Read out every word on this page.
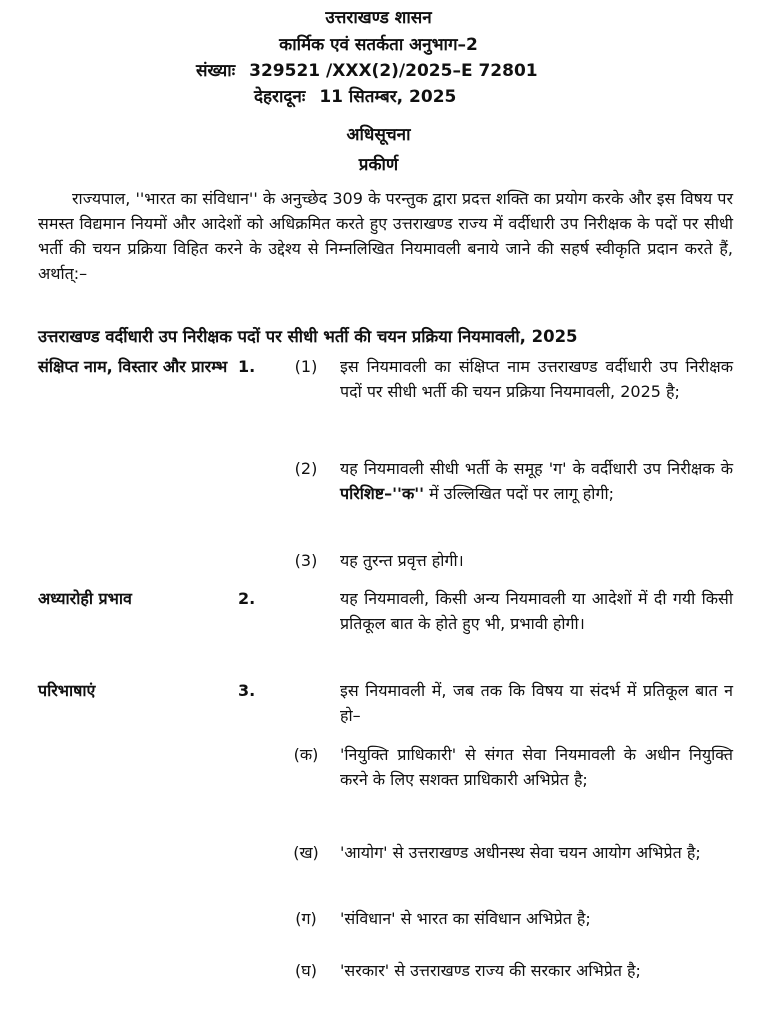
उत्तराखण्ड शासन
कार्मिक एवं सतर्कता अनुभाग–2
संख्याः 329521 /XXX(2)/2025–E 72801
देहरादूनः 11 सितम्बर, 2025
अधिसूचना
प्रकीर्ण

राज्यपाल, ''भारत का संविधान'' के अनुच्छेद 309 के परन्तुक द्वारा प्रदत्त शक्ति का प्रयोग करके और इस विषय पर समस्त विद्यमान नियमों और आदेशों को अधिक्रमित करते हुए उत्तराखण्ड राज्य में वर्दीधारी उप निरीक्षक के पदों पर सीधी भर्ती की चयन प्रक्रिया विहित करने के उद्देश्य से निम्नलिखित नियमावली बनाये जाने की सहर्ष स्वीकृति प्रदान करते हैं, अर्थात्:–

उत्तराखण्ड वर्दीधारी उप निरीक्षक पदों पर सीधी भर्ती की चयन प्रक्रिया नियमावली, 2025
संक्षिप्त नाम, विस्तार और प्रारम्भ 1.	(1)	इस नियमावली का संक्षिप्त नाम उत्तराखण्ड वर्दीधारी उप निरीक्षक पदों पर सीधी भर्ती की चयन प्रक्रिया नियमावली, 2025 है;

(2)	यह नियमावली सीधी भर्ती के समूह 'ग' के वर्दीधारी उप निरीक्षक के परिशिष्ट–''क'' में उल्लिखित पदों पर लागू होगी;

(3)	यह तुरन्त प्रवृत्त होगी।

अध्यारोही प्रभाव	2.	यह नियमावली, किसी अन्य नियमावली या आदेशों में दी गयी किसी प्रतिकूल बात के होते हुए भी, प्रभावी होगी।

परिभाषाएं	3.	इस नियमावली में, जब तक कि विषय या संदर्भ में प्रतिकूल बात न हो–

(क)	'नियुक्ति प्राधिकारी' से संगत सेवा नियमावली के अधीन नियुक्ति करने के लिए सशक्त प्राधिकारी अभिप्रेत है;

(ख)	'आयोग' से उत्तराखण्ड अधीनस्थ सेवा चयन आयोग अभिप्रेत है;

(ग)	'संविधान' से भारत का संविधान अभिप्रेत है;

(घ)	'सरकार' से उत्तराखण्ड राज्य की सरकार अभिप्रेत है;
